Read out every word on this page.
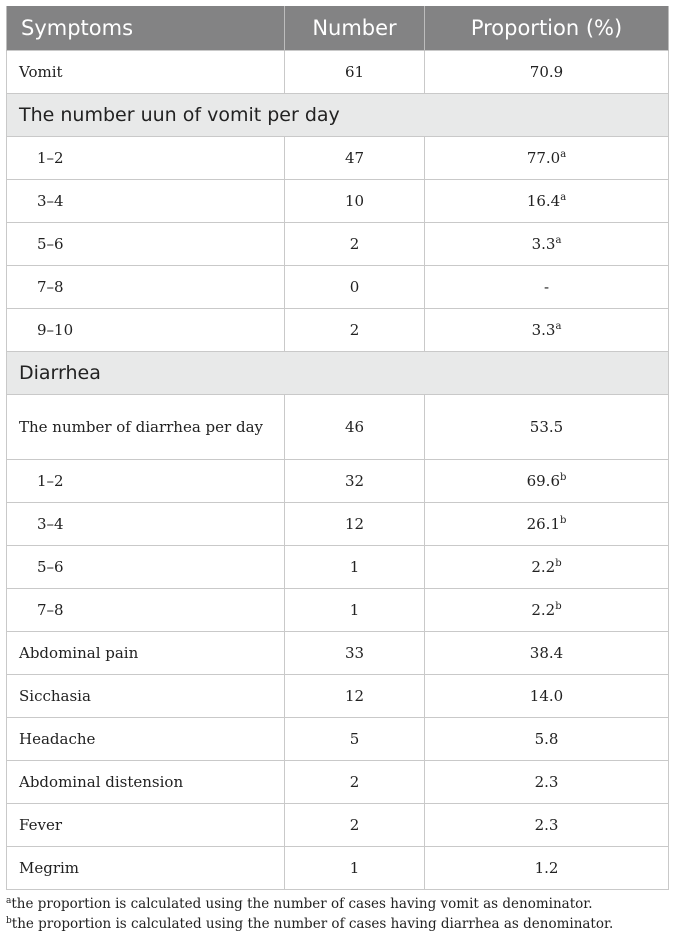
Symptoms	Number	Proportion (%)
Vomit	61	70.9
The number uun of vomit per day		
1–2	47	77.0$^a$
3–4	10	16.4$^a$
5–6	2	3.3$^a$
7–8	0	-
9–10	2	3.3$^a$
Diarrhea		
The number of diarrhea per day	46	53.5
1–2	32	69.6$^b$
3–4	12	26.1$^b$
5–6	1	2.2$^b$
7–8	1	2.2$^b$
Abdominal pain	33	38.4
Sicchasia	12	14.0
Headache	5	5.8
Abdominal distension	2	2.3
Fever	2	2.3
Megrim	1	1.2
$^a$the proportion is calculated using the number of cases having vomit as denominator.
$^b$the proportion is calculated using the number of cases having diarrhea as denominator.
